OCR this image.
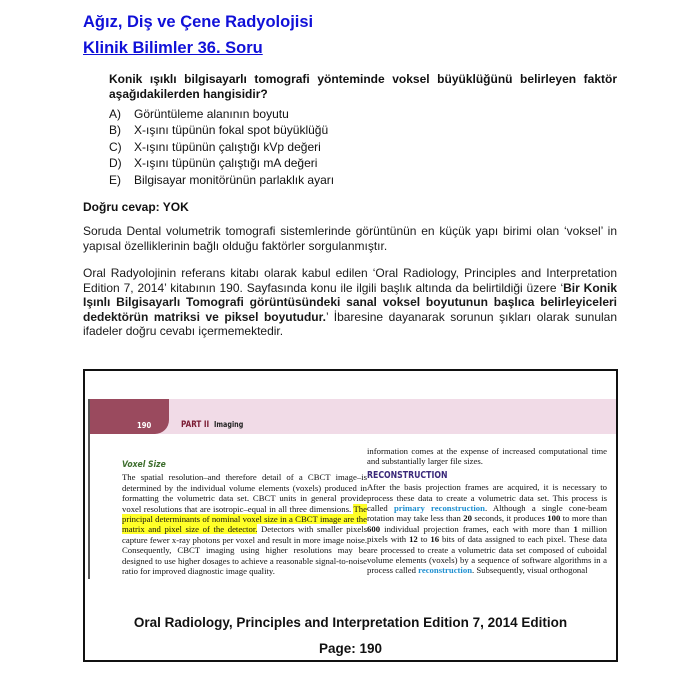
Ağız, Diş ve Çene Radyolojisi
Klinik Bilimler 36. Soru
Konik ışıklı bilgisayarlı tomografi yönteminde voksel büyüklüğünü belirleyen faktör
aşağıdakilerden hangisidir?
A)	Görüntüleme alanının boyutu
B)	X-ışını tüpünün fokal spot büyüklüğü
C)	X-ışını tüpünün çalıştığı kVp değeri
D)	X-ışını tüpünün çalıştığı mA değeri
E)	Bilgisayar monitörünün parlaklık ayarı
Doğru cevap: YOK
Soruda Dental volumetrik tomografi sistemlerinde görüntünün en küçük yapı birimi olan ‘voksel’ in yapısal özelliklerinin bağlı olduğu faktörler sorgulanmıştır.
Oral Radyolojinin referans kitabı olarak kabul edilen ‘Oral Radiology, Principles and Interpretation Edition 7, 2014’ kitabının 190. Sayfasında konu ile ilgili başlık altında da belirtildiği üzere ‘Bir Konik Işınlı Bilgisayarlı Tomografi görüntüsündeki sanal voksel boyutunun başlıca belirleyiceleri dedektörün matriksi ve piksel boyutudur.’ İbaresine dayanarak sorunun şıkları olarak sunulan ifadeler doğru cevabı içermemektedir.
190	PART II Imaging
Voxel Size
The spatial resolution–and therefore detail of a CBCT image–is determined by the individual volume elements (voxels) produced in formatting the volumetric data set. CBCT units in general provide voxel resolutions that are isotropic–equal in all three dimensions. The principal determinants of nominal voxel size in a CBCT image are the matrix and pixel size of the detector. Detectors with smaller pixels capture fewer x-ray photons per voxel and result in more image noise. Consequently, CBCT imaging using higher resolutions may be designed to use higher dosages to achieve a reasonable signal-to-noise ratio for improved diagnostic image quality.
information comes at the expense of increased computational time and substantially larger file sizes.
RECONSTRUCTION
After the basis projection frames are acquired, it is necessary to process these data to create a volumetric data set. This process is called primary reconstruction. Although a single cone-beam rotation may take less than 20 seconds, it produces 100 to more than 600 individual projection frames, each with more than 1 million pixels with 12 to 16 bits of data assigned to each pixel. These data are processed to create a volumetric data set composed of cuboidal volume elements (voxels) by a sequence of software algorithms in a process called reconstruction. Subsequently, visual orthogonal
Oral Radiology, Principles and Interpretation Edition 7, 2014 Edition
Page: 190
